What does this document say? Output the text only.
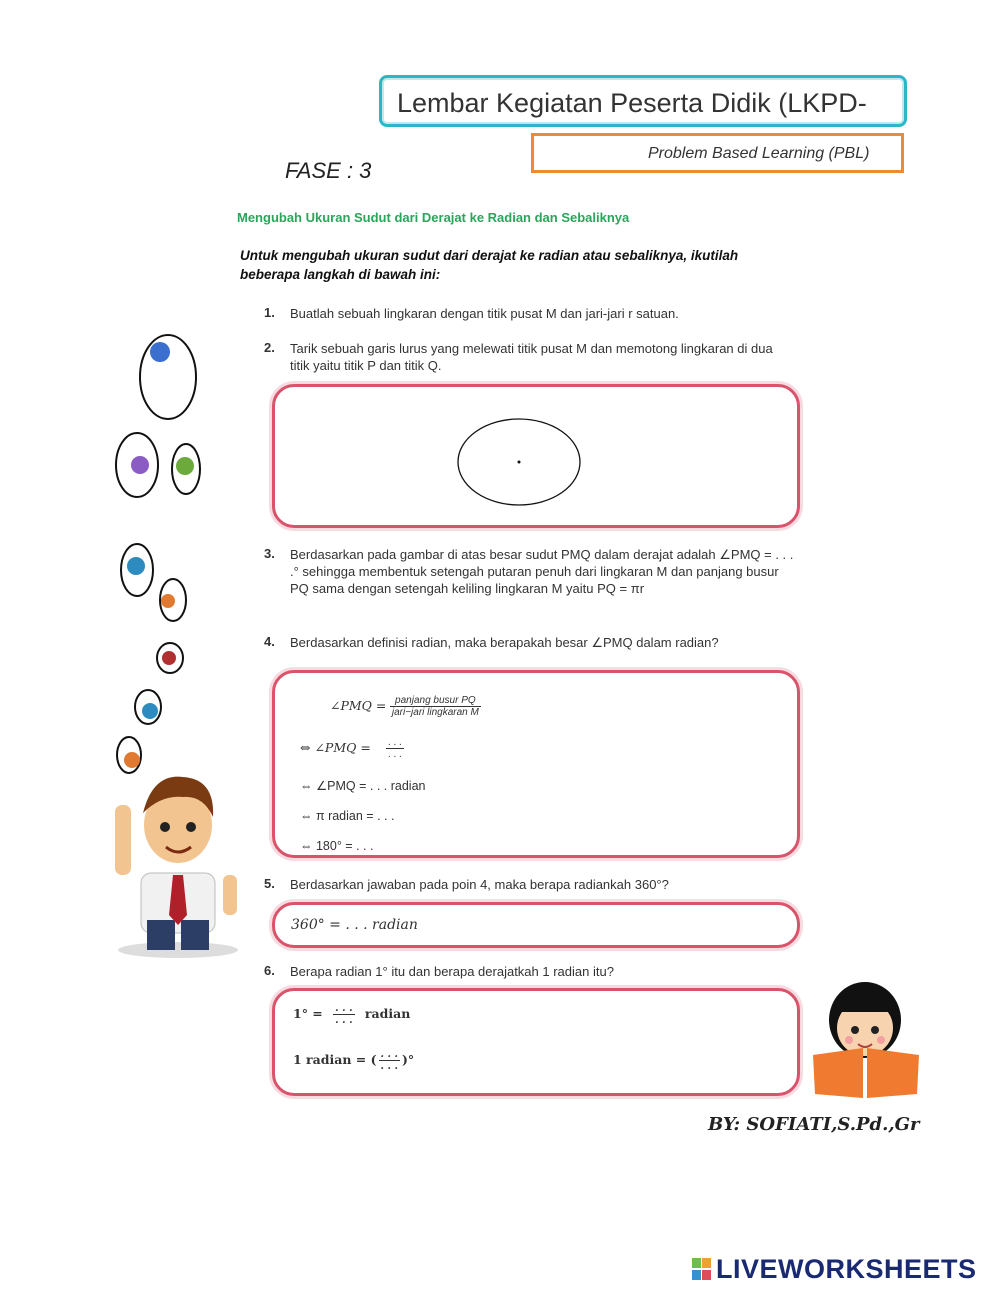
Lembar Kegiatan Peserta Didik (LKPD-
Problem Based Learning (PBL)
FASE : 3
Mengubah Ukuran Sudut dari Derajat ke Radian dan Sebaliknya
Untuk mengubah ukuran sudut dari derajat ke radian atau sebaliknya, ikutilah beberapa langkah di bawah ini:
1. Buatlah sebuah lingkaran dengan titik pusat M dan jari-jari r satuan.
2. Tarik sebuah garis lurus yang melewati titik pusat M dan memotong lingkaran di dua titik yaitu titik P dan titik Q.
3. Berdasarkan pada gambar di atas besar sudut PMQ dalam derajat adalah ∠PMQ = . . . .° sehingga membentuk setengah putaran penuh dari lingkaran M dan panjang busur PQ sama dengan setengah keliling lingkaran M yaitu PQ = πr
4. Berdasarkan definisi radian, maka berapakah besar ∠PMQ dalam radian?
∠PMQ = $\frac{\text{panjang busur PQ}}{\text{jari−jari lingkaran M}}$
⇔ ∠PMQ = $\frac{. . .}{. . .}$
⇔ ∠PMQ = . . . radian
⇔ π radian = . . .
⇔ 180° = . . .
5. Berdasarkan jawaban pada poin 4, maka berapa radiankah 360°?
360° = . . . radian
6. Berapa radian 1° itu dan berapa derajatkah 1 radian itu?
$1^\circ = \frac{. . .}{. . .}$ radian
1 radian = ( $\frac{. . .}{. . .}$ )°
BY: SOFIATI,S.Pd.,Gr
LIVEWORKSHEETS
